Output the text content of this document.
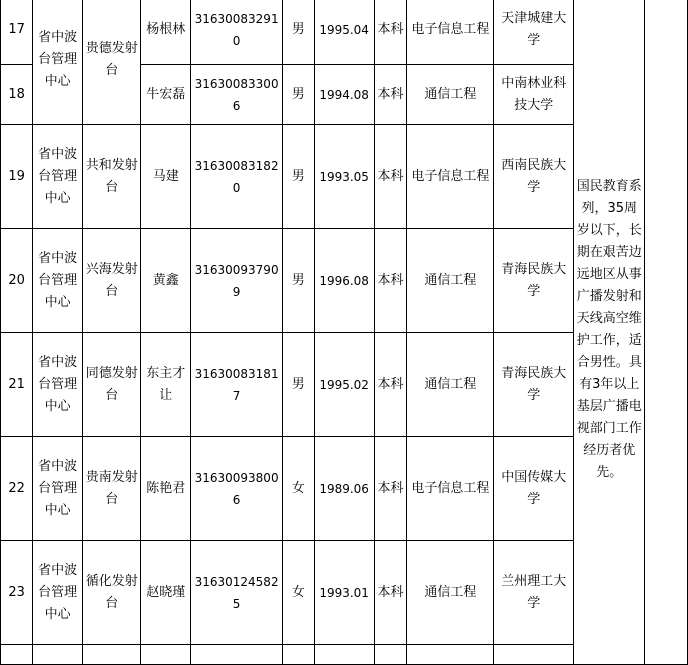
17	省中波台管理中心	贵德发射台	杨根林	316300832910	男	1995.04	本科	电子信息工程	天津城建大学	国民教育系列，35周岁以下，长期在艰苦边远地区从事广播发射和天线高空维护工作，适合男性。具有3年以上基层广播电视部门工作经历者优先。	
18			牛宏磊	316300833006	男	1994.08	本科	通信工程	中南林业科技大学		
19	省中波台管理中心	共和发射台	马建	316300831820	男	1993.05	本科	电子信息工程	西南民族大学		
20	省中波台管理中心	兴海发射台	黄鑫	316300937909	男	1996.08	本科	通信工程	青海民族大学		
21	省中波台管理中心	同德发射台	东主才让	316300831817	男	1995.02	本科	通信工程	青海民族大学		
22	省中波台管理中心	贵南发射台	陈艳君	316300938006	女	1989.06	本科	电子信息工程	中国传媒大学		
23	省中波台管理中心	循化发射台	赵晓瑾	316301245825	女	1993.01	本科	通信工程	兰州理工大学		
